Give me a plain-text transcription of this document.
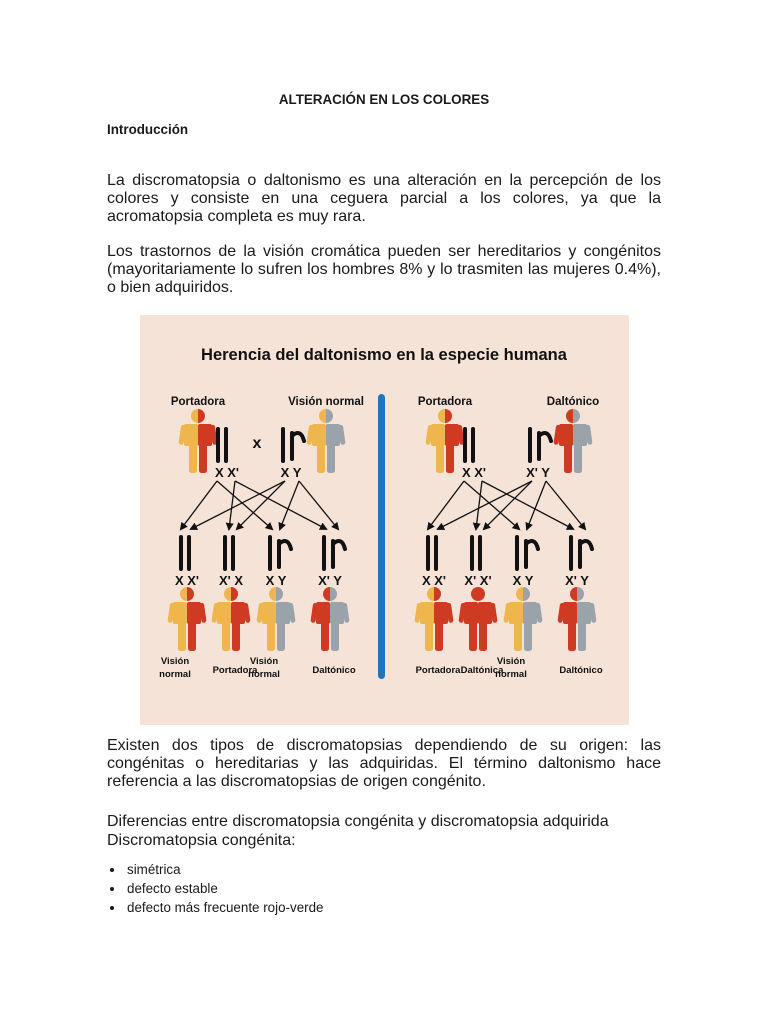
ALTERACIÓN EN LOS COLORES
Introducción

La discromatopsia o daltonismo es una alteración en la percepción de los colores y consiste en una ceguera parcial a los colores, ya que la acromatopsia completa es muy rara.

Los trastornos de la visión cromática pueden ser hereditarios y congénitos (mayoritariamente lo sufren los hombres 8% y lo trasmiten las mujeres 0.4%), o bien adquiridos.

Herencia del daltonismo en la especie humana
Portadora	Visión normal
X X'	X Y
X X'
Visión
normal
X' X
Portadora
X Y
Visión
normal
X' Y
Daltónico
x
Portadora	Daltónico
X X'	X' Y
X X'
Portadora
X' X'
Daltónica
X Y
Visión
normal
X' Y
Daltónico

Existen dos tipos de discromatopsias dependiendo de su origen: las congénitas o hereditarias y las adquiridas. El término daltonismo hace referencia a las discromatopsias de origen congénito.

Diferencias entre discromatopsia congénita y discromatopsia adquirida

Discromatopsia congénita:

• simétrica
• defecto estable
• defecto más frecuente rojo-verde
